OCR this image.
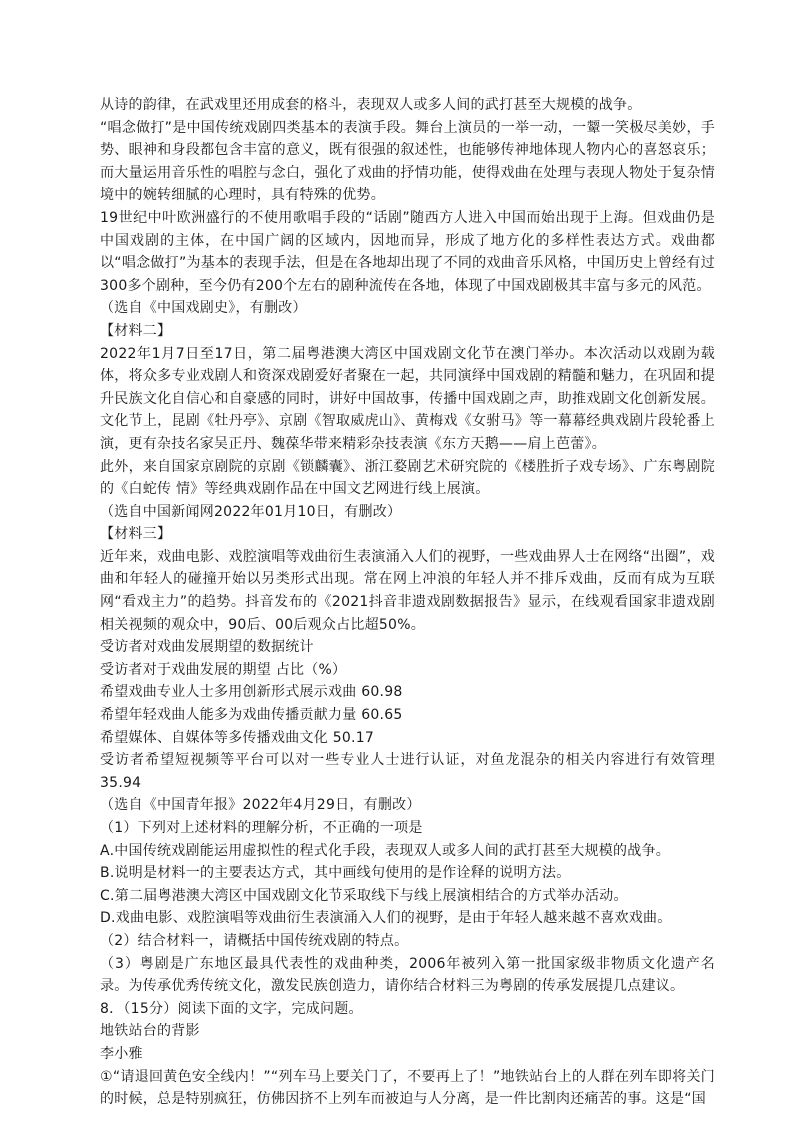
从诗的韵律，在武戏里还用成套的格斗，表现双人或多人间的武打甚至大规模的战争。

“唱念做打”是中国传统戏剧四类基本的表演手段。舞台上演员的一举一动，一颦一笑极尽美妙，手势、眼神和身段都包含丰富的意义，既有很强的叙述性，也能够传神地体现人物内心的喜怒哀乐；而大量运用音乐性的唱腔与念白，强化了戏曲的抒情功能，使得戏曲在处理与表现人物处于复杂情境中的婉转细腻的心理时，具有特殊的优势。

19世纪中叶欧洲盛行的不使用歌唱手段的“话剧”随西方人进入中国而始出现于上海。但戏曲仍是中国戏剧的主体，在中国广阔的区域内，因地而异，形成了地方化的多样性表达方式。戏曲都以“唱念做打”为基本的表现手法，但是在各地却出现了不同的戏曲音乐风格，中国历史上曾经有过300多个剧种，至今仍有200个左右的剧种流传在各地，体现了中国戏剧极其丰富与多元的风范。

（选自《中国戏剧史》，有删改）

【材料二】

2022年1月7日至17日，第二届粤港澳大湾区中国戏剧文化节在澳门举办。本次活动以戏剧为载体，将众多专业戏剧人和资深戏剧爱好者聚在一起，共同演绎中国戏剧的精髓和魅力，在巩固和提升民族文化自信心和自豪感的同时，讲好中国故事，传播中国戏剧之声，助推戏剧文化创新发展。文化节上，昆剧《牡丹亭》、京剧《智取威虎山》、黄梅戏《女驸马》等一幕幕经典戏剧片段轮番上演，更有杂技名家吴正丹、魏葆华带来精彩杂技表演《东方天鹅——肩上芭蕾》。

此外，来自国家京剧院的京剧《锁麟囊》、浙江婺剧艺术研究院的《楼胜折子戏专场》、广东粤剧院的《白蛇传 情》等经典戏剧作品在中国文艺网进行线上展演。

（选自中国新闻网2022年01月10日，有删改）

【材料三】

近年来，戏曲电影、戏腔演唱等戏曲衍生表演涌入人们的视野，一些戏曲界人士在网络“出圈”，戏曲和年轻人的碰撞开始以另类形式出现。常在网上冲浪的年轻人并不排斥戏曲，反而有成为互联网“看戏主力”的趋势。抖音发布的《2021抖音非遗戏剧数据报告》显示，在线观看国家非遗戏剧相关视频的观众中，90后、00后观众占比超50%。

受访者对戏曲发展期望的数据统计

受访者对于戏曲发展的期望 占比（%）

希望戏曲专业人士多用创新形式展示戏曲 60.98

希望年轻戏曲人能多为戏曲传播贡献力量 60.65

希望媒体、自媒体等多传播戏曲文化 50.17

受访者希望短视频等平台可以对一些专业人士进行认证，对鱼龙混杂的相关内容进行有效管理 35.94

（选自《中国青年报》2022年4月29日，有删改）

（1）下列对上述材料的理解分析，不正确的一项是

A.中国传统戏剧能运用虚拟性的程式化手段，表现双人或多人间的武打甚至大规模的战争。

B.说明是材料一的主要表达方式，其中画线句使用的是作诠释的说明方法。

C.第二届粤港澳大湾区中国戏剧文化节采取线下与线上展演相结合的方式举办活动。

D.戏曲电影、戏腔演唱等戏曲衍生表演涌入人们的视野，是由于年轻人越来越不喜欢戏曲。

（2）结合材料一，请概括中国传统戏剧的特点。

（3）粤剧是广东地区最具代表性的戏曲种类，2006年被列入第一批国家级非物质文化遗产名录。为传承优秀传统文化，激发民族创造力，请你结合材料三为粤剧的传承发展提几点建议。

8．（15分）阅读下面的文字，完成问题。

地铁站台的背影

李小雅

①“请退回黄色安全线内！”“列车马上要关门了，不要再上了！”地铁站台上的人群在列车即将关门的时候，总是特别疯狂，仿佛因挤不上列车而被迫与人分离，是一件比割肉还痛苦的事。这是“国
